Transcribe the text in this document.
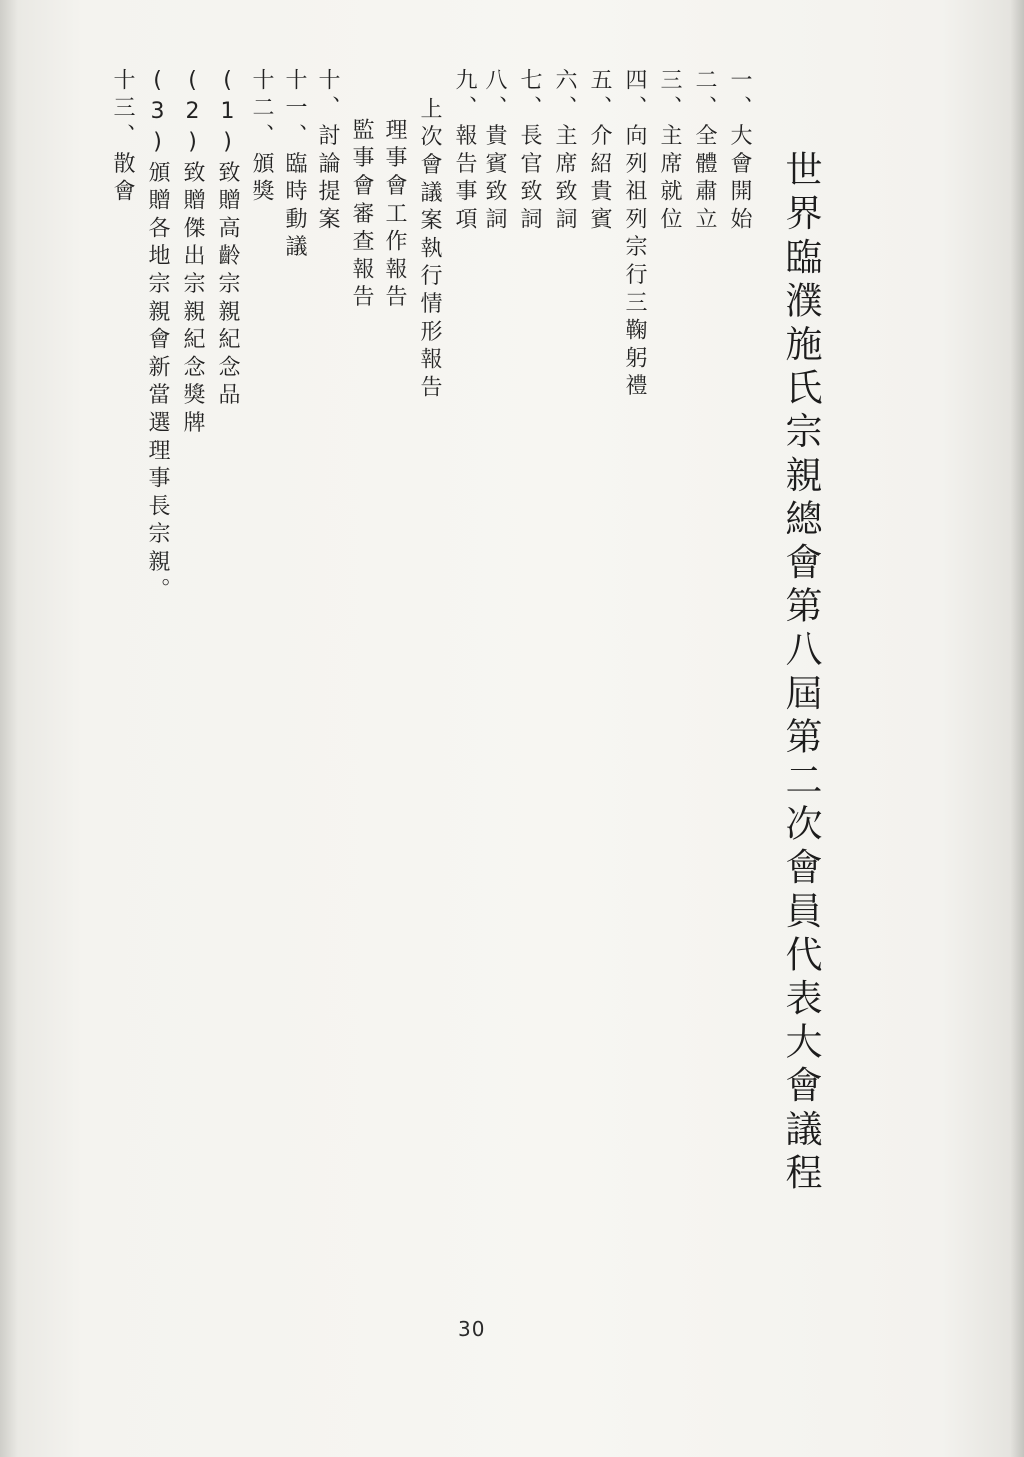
世界臨濮施氏宗親總會第八屆第二次會員代表大會議程
一、大會開始
二、全體肅立
三、主席就位
四、向列祖列宗行三鞠躬禮
五、介紹貴賓
六、主席致詞
七、長官致詞
八、貴賓致詞
九、報告事項
上次會議案執行情形報告
理事會工作報告
監事會審查報告
十、討論提案
十一、臨時動議
十二、頒獎
(1)致贈高齡宗親紀念品
(2)致贈傑出宗親紀念獎牌
(3)頒贈各地宗親會新當選理事長宗親。
十三、散會
30
